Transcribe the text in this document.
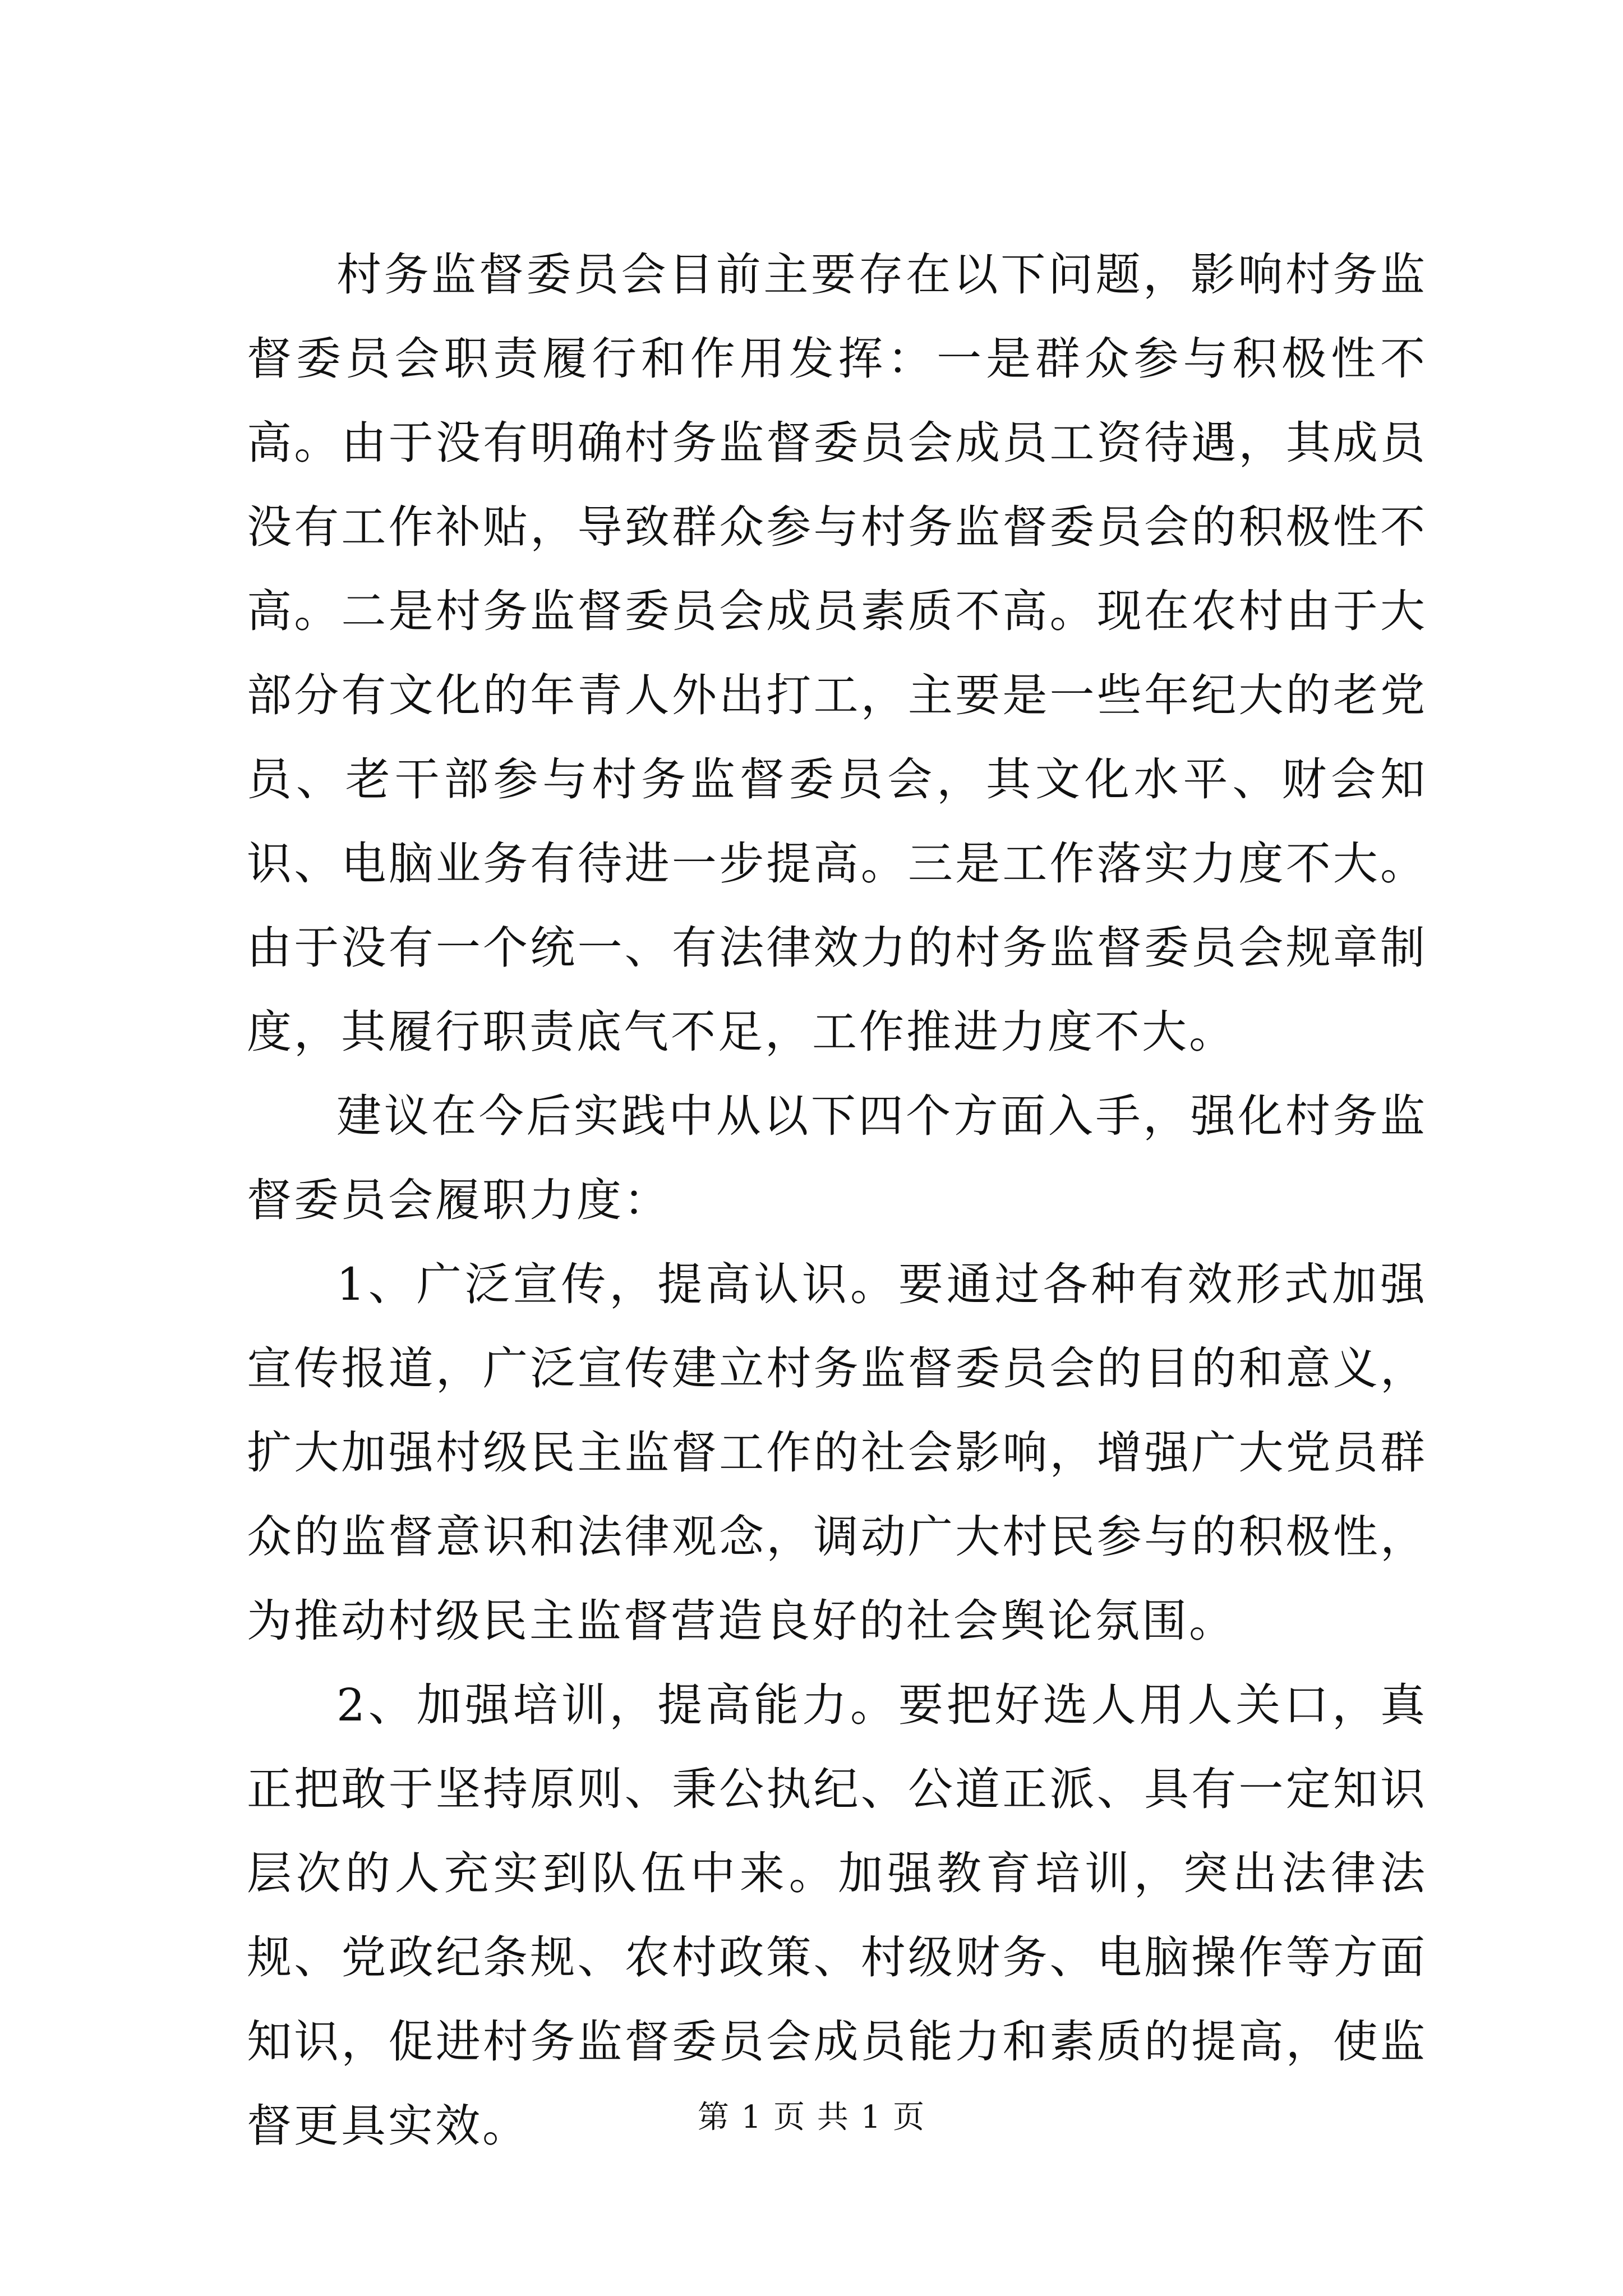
村务监督委员会目前主要存在以下问题，影响村务监督委员会职责履行和作用发挥：一是群众参与积极性不高。由于没有明确村务监督委员会成员工资待遇，其成员没有工作补贴，导致群众参与村务监督委员会的积极性不高。二是村务监督委员会成员素质不高。现在农村由于大部分有文化的年青人外出打工，主要是一些年纪大的老党员、老干部参与村务监督委员会，其文化水平、财会知识、电脑业务有待进一步提高。三是工作落实力度不大。由于没有一个统一、有法律效力的村务监督委员会规章制度，其履行职责底气不足，工作推进力度不大。

建议在今后实践中从以下四个方面入手，强化村务监督委员会履职力度：

1、广泛宣传，提高认识。要通过各种有效形式加强宣传报道，广泛宣传建立村务监督委员会的目的和意义，扩大加强村级民主监督工作的社会影响，增强广大党员群众的监督意识和法律观念，调动广大村民参与的积极性，为推动村级民主监督营造良好的社会舆论氛围。

2、加强培训，提高能力。要把好选人用人关口，真正把敢于坚持原则、秉公执纪、公道正派、具有一定知识层次的人充实到队伍中来。加强教育培训，突出法律法规、党政纪条规、农村政策、村级财务、电脑操作等方面知识，促进村务监督委员会成员能力和素质的提高，使监督更具实效。	第 1 页 共 1 页
